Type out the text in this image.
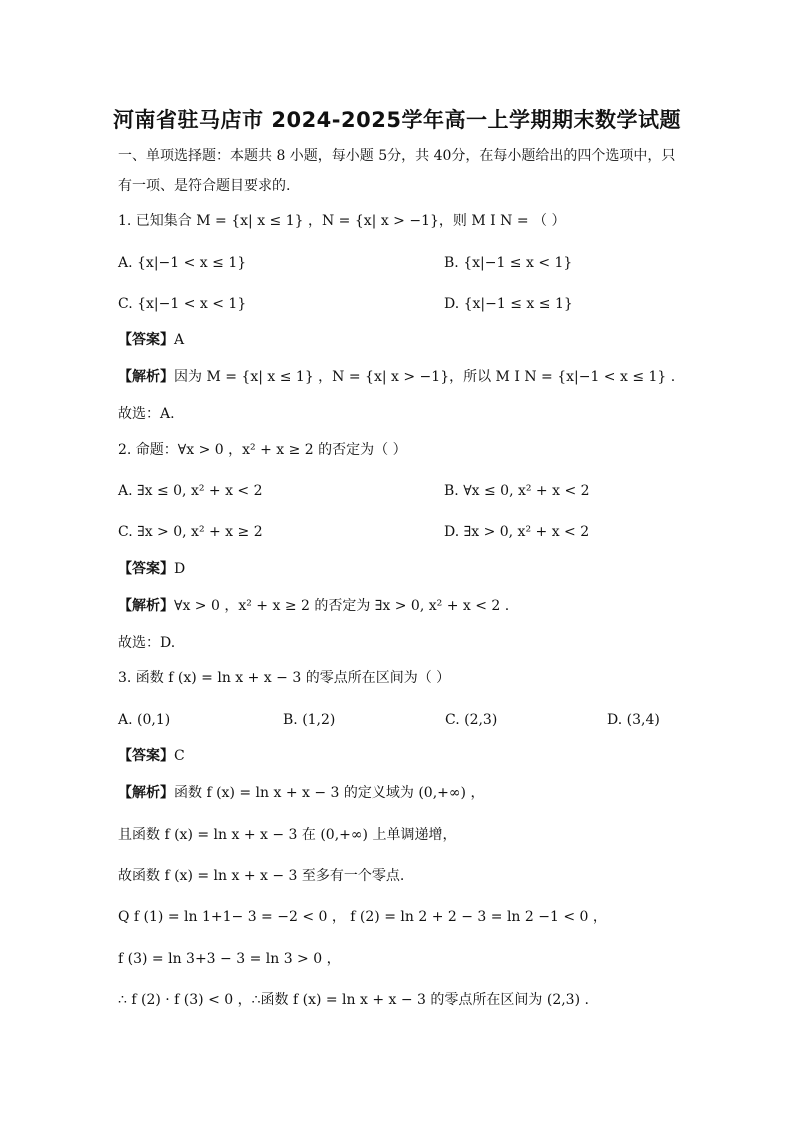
河南省驻马店市 2024-2025学年高一上学期期末数学试题
一、单项选择题：本题共 8 小题，每小题 5分，共 40分，在每小题给出的四个选项中，只
有一项、是符合题目要求的.
1. 已知集合 M = {x| x ≤ 1} ，N = {x| x > −1}，则 M I N = （ ）
A. {x|−1 < x ≤ 1}	B. {x|−1 ≤ x < 1}
C. {x|−1 < x < 1}	D. {x|−1 ≤ x ≤ 1}
【答案】A
【解析】因为 M = {x| x ≤ 1} ，N = {x| x > −1}，所以 M I N = {x|−1 < x ≤ 1} .
故选：A.
2. 命题：∀x > 0 ，x² + x ≥ 2 的否定为（ ）
A. ∃x ≤ 0, x² + x < 2	B. ∀x ≤ 0, x² + x < 2
C. ∃x > 0, x² + x ≥ 2	D. ∃x > 0, x² + x < 2
【答案】D
【解析】∀x > 0 ，x² + x ≥ 2 的否定为 ∃x > 0, x² + x < 2 .
故选：D.
3. 函数 f (x) = ln x + x − 3 的零点所在区间为（ ）
A. (0,1)	B. (1,2)	C. (2,3)	D. (3,4)
【答案】C
【解析】函数 f (x) = ln x + x − 3 的定义域为 (0,+∞) ，
且函数 f (x) = ln x + x − 3 在 (0,+∞) 上单调递增，
故函数 f (x) = ln x + x − 3 至多有一个零点.
Q f (1) = ln 1+1− 3 = −2 < 0 ， f (2) = ln 2 + 2 − 3 = ln 2 −1 < 0 ，
f (3) = ln 3+3 − 3 = ln 3 > 0 ，
∴ f (2) · f (3) < 0 ，∴函数 f (x) = ln x + x − 3 的零点所在区间为 (2,3) .
